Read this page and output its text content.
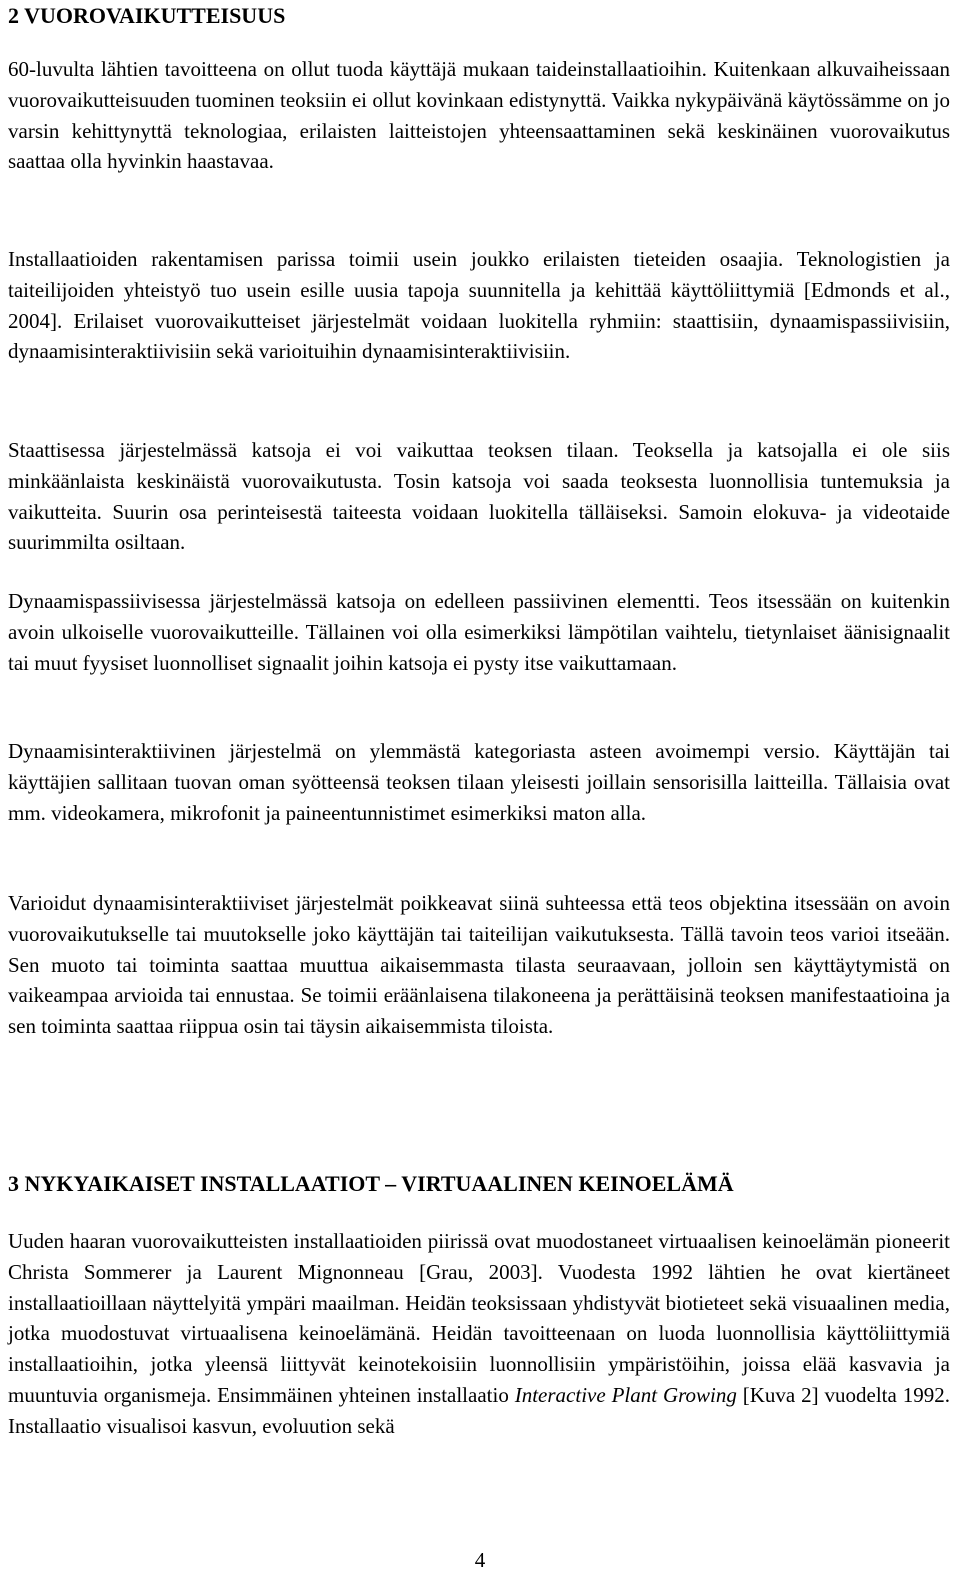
2 VUOROVAIKUTTEISUUS

60-luvulta lähtien tavoitteena on ollut tuoda käyttäjä mukaan taideinstallaatioihin. Kuitenkaan alkuvaiheissaan vuorovaikutteisuuden tuominen teoksiin ei ollut kovinkaan edistynyttä. Vaikka nykypäivänä käytössämme on jo varsin kehittynyttä teknologiaa, erilaisten laitteistojen yhteensaattaminen sekä keskinäinen vuorovaikutus saattaa olla hyvinkin haastavaa.

Installaatioiden rakentamisen parissa toimii usein joukko erilaisten tieteiden osaajia. Teknologistien ja taiteilijoiden yhteistyö tuo usein esille uusia tapoja suunnitella ja kehittää käyttöliittymiä [Edmonds et al., 2004]. Erilaiset vuorovaikutteiset järjestelmät voidaan luokitella ryhmiin: staattisiin, dynaamispassiivisiin, dynaamisinteraktiivisiin sekä varioituihin dynaamisinteraktiivisiin.

Staattisessa järjestelmässä katsoja ei voi vaikuttaa teoksen tilaan. Teoksella ja katsojalla ei ole siis minkäänlaista keskinäistä vuorovaikutusta. Tosin katsoja voi saada teoksesta luonnollisia tuntemuksia ja vaikutteita. Suurin osa perinteisestä taiteesta voidaan luokitella tälläiseksi. Samoin elokuva- ja videotaide suurimmilta osiltaan.

Dynaamispassiivisessa järjestelmässä katsoja on edelleen passiivinen elementti. Teos itsessään on kuitenkin avoin ulkoiselle vuorovaikutteille. Tällainen voi olla esimerkiksi lämpötilan vaihtelu, tietynlaiset äänisignaalit tai muut fyysiset luonnolliset signaalit joihin katsoja ei pysty itse vaikuttamaan.

Dynaamisinteraktiivinen järjestelmä on ylemmästä kategoriasta asteen avoimempi versio. Käyttäjän tai käyttäjien sallitaan tuovan oman syötteensä teoksen tilaan yleisesti joillain sensorisilla laitteilla. Tällaisia ovat mm. videokamera, mikrofonit ja paineentunnistimet esimerkiksi maton alla.

Varioidut dynaamisinteraktiiviset järjestelmät poikkeavat siinä suhteessa että teos objektina itsessään on avoin vuorovaikutukselle tai muutokselle joko käyttäjän tai taiteilijan vaikutuksesta. Tällä tavoin teos varioi itseään. Sen muoto tai toiminta saattaa muuttua aikaisemmasta tilasta seuraavaan, jolloin sen käyttäytymistä on vaikeampaa arvioida tai ennustaa. Se toimii eräänlaisena tilakoneena ja perättäisinä teoksen manifestaatioina ja sen toiminta saattaa riippua osin tai täysin aikaisemmista tiloista.

3 NYKYAIKAISET INSTALLAATIOT – VIRTUAALINEN KEINOELÄMÄ

Uuden haaran vuorovaikutteisten installaatioiden piirissä ovat muodostaneet virtuaalisen keinoelämän pioneerit Christa Sommerer ja Laurent Mignonneau [Grau, 2003]. Vuodesta 1992 lähtien he ovat kiertäneet installaatioillaan näyttelyitä ympäri maailman. Heidän teoksissaan yhdistyvät biotieteet sekä visuaalinen media, jotka muodostuvat virtuaalisena keinoelämänä. Heidän tavoitteenaan on luoda luonnollisia käyttöliittymiä installaatioihin, jotka yleensä liittyvät keinotekoisiin luonnollisiin ympäristöihin, joissa elää kasvavia ja muuntuvia organismeja. Ensimmäinen yhteinen installaatio Interactive Plant Growing [Kuva 2] vuodelta 1992. Installaatio visualisoi kasvun, evoluution sekä

4
